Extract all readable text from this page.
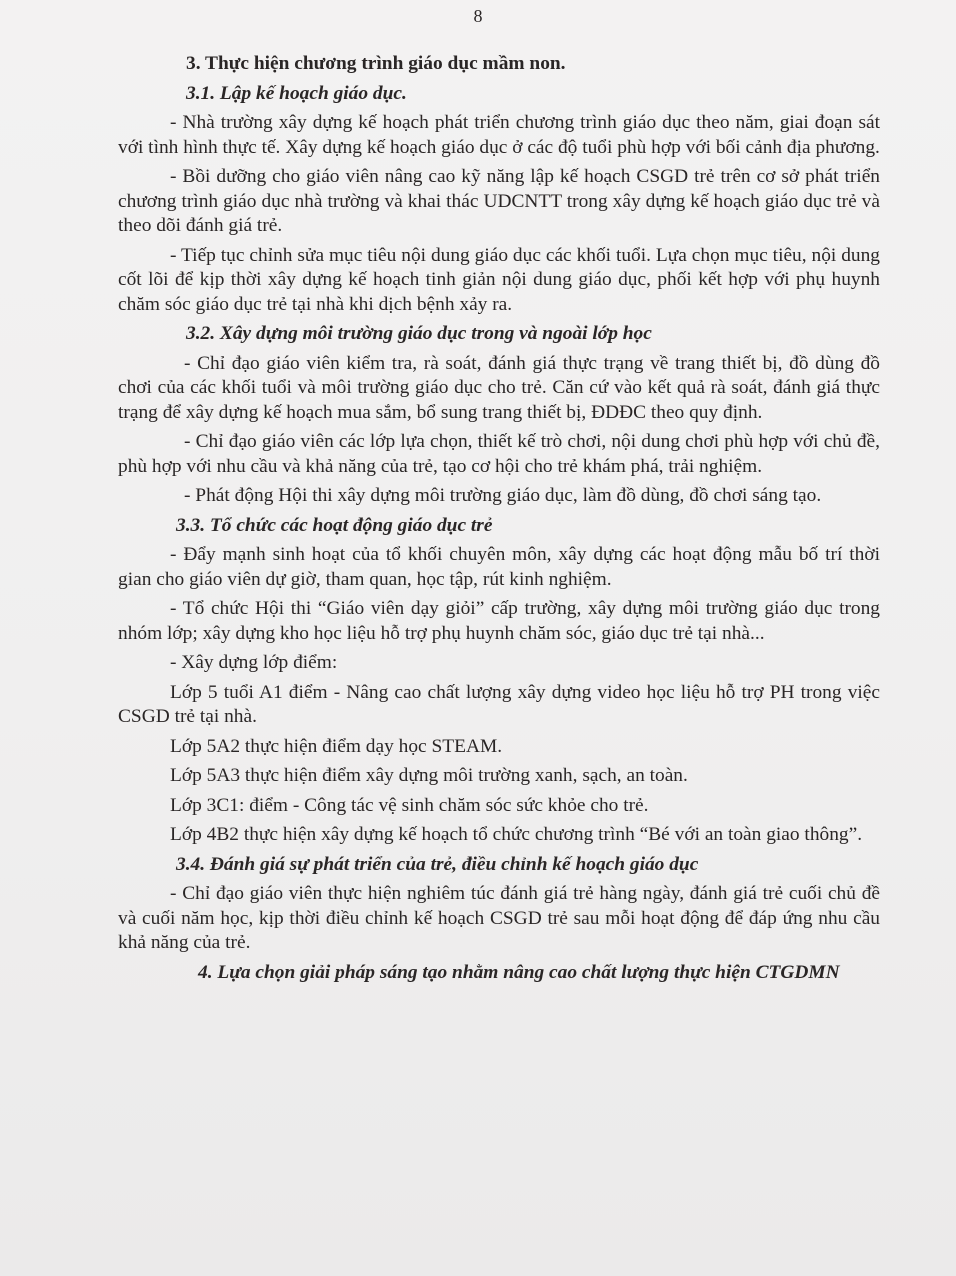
8

3. Thực hiện chương trình giáo dục mầm non.
3.1. Lập kế hoạch giáo dục.

- Nhà trường xây dựng kế hoạch phát triển chương trình giáo dục theo năm, giai đoạn sát với tình hình thực tế. Xây dựng kế hoạch giáo dục ở các độ tuổi phù hợp với bối cảnh địa phương.

- Bồi dưỡng cho giáo viên nâng cao kỹ năng lập kế hoạch CSGD trẻ trên cơ sở phát triển chương trình giáo dục nhà trường và khai thác UDCNTT trong xây dựng kế hoạch giáo dục trẻ và theo dõi đánh giá trẻ.

- Tiếp tục chỉnh sửa mục tiêu nội dung giáo dục các khối tuổi. Lựa chọn mục tiêu, nội dung cốt lõi để kịp thời xây dựng kế hoạch tinh giản nội dung giáo dục, phối kết hợp với phụ huynh chăm sóc giáo dục trẻ tại nhà khi dịch bệnh xảy ra.

3.2. Xây dựng môi trường giáo dục trong và ngoài lớp học

- Chỉ đạo giáo viên kiểm tra, rà soát, đánh giá thực trạng về trang thiết bị, đồ dùng đồ chơi của các khối tuổi và môi trường giáo dục cho trẻ. Căn cứ vào kết quả rà soát, đánh giá thực trạng để xây dựng kế hoạch mua sắm, bổ sung trang thiết bị, ĐDĐC theo quy định.

- Chỉ đạo giáo viên các lớp lựa chọn, thiết kế trò chơi, nội dung chơi phù hợp với chủ đề, phù hợp với nhu cầu và khả năng của trẻ, tạo cơ hội cho trẻ khám phá, trải nghiệm.

- Phát động Hội thi xây dựng môi trường giáo dục, làm đồ dùng, đồ chơi sáng tạo.

3.3. Tổ chức các hoạt động giáo dục trẻ

- Đẩy mạnh sinh hoạt của tổ khối chuyên môn, xây dựng các hoạt động mẫu bố trí thời gian cho giáo viên dự giờ, tham quan, học tập, rút kinh nghiệm.

- Tổ chức Hội thi “Giáo viên dạy giỏi” cấp trường, xây dựng môi trường giáo dục trong nhóm lớp; xây dựng kho học liệu hỗ trợ phụ huynh chăm sóc, giáo dục trẻ tại nhà...

- Xây dựng lớp điểm:

Lớp 5 tuổi A1 điểm - Nâng cao chất lượng xây dựng video học liệu hỗ trợ PH trong việc CSGD trẻ tại nhà.

Lớp 5A2 thực hiện điểm dạy học STEAM.

Lớp 5A3 thực hiện điểm xây dựng môi trường xanh, sạch, an toàn.

Lớp 3C1: điểm - Công tác vệ sinh chăm sóc sức khỏe cho trẻ.

Lớp 4B2 thực hiện xây dựng kế hoạch tổ chức chương trình “Bé với an toàn giao thông”.

3.4. Đánh giá sự phát triển của trẻ, điều chỉnh kế hoạch giáo dục

- Chỉ đạo giáo viên thực hiện nghiêm túc đánh giá trẻ hàng ngày, đánh giá trẻ cuối chủ đề và cuối năm học, kịp thời điều chỉnh kế hoạch CSGD trẻ sau mỗi hoạt động để đáp ứng nhu cầu khả năng của trẻ.

4. Lựa chọn giải pháp sáng tạo nhằm nâng cao chất lượng thực hiện CTGDMN
